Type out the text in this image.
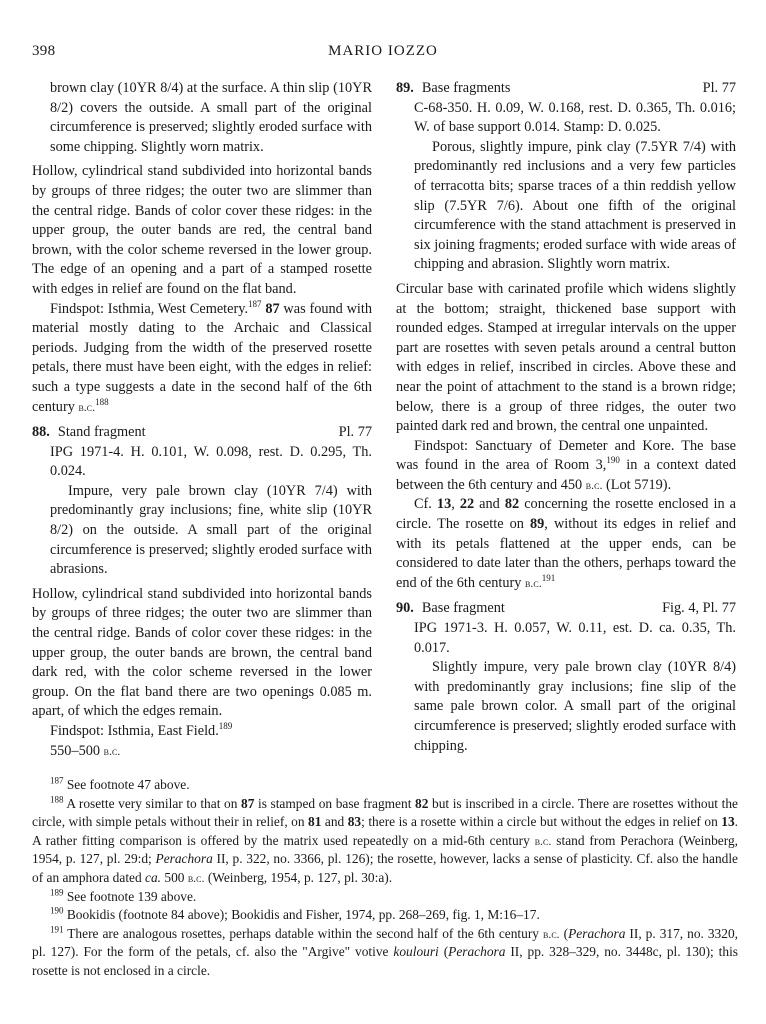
398	MARIO IOZZO

brown clay (10YR 8/4) at the surface. A thin slip (10YR 8/2) covers the outside. A small part of the original circumference is preserved; slightly eroded surface with some chipping. Slightly worn matrix.

Hollow, cylindrical stand subdivided into horizontal bands by groups of three ridges; the outer two are slimmer than the central ridge. Bands of color cover these ridges: in the upper group, the outer bands are red, the central band brown, with the color scheme reversed in the lower group. The edge of an opening and a part of a stamped rosette with edges in relief are found on the flat band.

Findspot: Isthmia, West Cemetery.$^{187}$ 87 was found with material mostly dating to the Archaic and Classical periods. Judging from the width of the preserved rosette petals, there must have been eight, with the edges in relief: such a type suggests a date in the second half of the 6th century b.c.$^{188}$

88. Stand fragment	Pl. 77

IPG 1971-4. H. 0.101, W. 0.098, rest. D. 0.295, Th. 0.024.

Impure, very pale brown clay (10YR 7/4) with predominantly gray inclusions; fine, white slip (10YR 8/2) on the outside. A small part of the original circumference is preserved; slightly eroded surface with abrasions.

Hollow, cylindrical stand subdivided into horizontal bands by groups of three ridges; the outer two are slimmer than the central ridge. Bands of color cover these ridges: in the upper group, the outer bands are brown, the central band dark red, with the color scheme reversed in the lower group. On the flat band there are two openings 0.085 m. apart, of which the edges remain.

Findspot: Isthmia, East Field.$^{189}$

550–500 b.c.

89. Base fragments	Pl. 77

C-68-350. H. 0.09, W. 0.168, rest. D. 0.365, Th. 0.016; W. of base support 0.014. Stamp: D. 0.025.

Porous, slightly impure, pink clay (7.5YR 7/4) with predominantly red inclusions and a very few particles of terracotta bits; sparse traces of a thin reddish yellow slip (7.5YR 7/6). About one fifth of the original circumference with the stand attachment is preserved in six joining fragments; eroded surface with wide areas of chipping and abrasion. Slightly worn matrix.

Circular base with carinated profile which widens slightly at the bottom; straight, thickened base support with rounded edges. Stamped at irregular intervals on the upper part are rosettes with seven petals around a central button with edges in relief, inscribed in circles. Above these and near the point of attachment to the stand is a brown ridge; below, there is a group of three ridges, the outer two painted dark red and brown, the central one unpainted.

Findspot: Sanctuary of Demeter and Kore. The base was found in the area of Room 3,$^{190}$ in a context dated between the 6th century and 450 b.c. (Lot 5719).

Cf. 13, 22 and 82 concerning the rosette enclosed in a circle. The rosette on 89, without its edges in relief and with its petals flattened at the upper ends, can be considered to date later than the others, perhaps toward the end of the 6th century b.c.$^{191}$

90. Base fragment	Fig. 4, Pl. 77

IPG 1971-3. H. 0.057, W. 0.11, est. D. ca. 0.35, Th. 0.017.

Slightly impure, very pale brown clay (10YR 8/4) with predominantly gray inclusions; fine slip of the same pale brown color. A small part of the original circumference is preserved; slightly eroded surface with chipping.

$^{187}$ See footnote 47 above.

$^{188}$ A rosette very similar to that on 87 is stamped on base fragment 82 but is inscribed in a circle. There are rosettes without the circle, with simple petals without their in relief, on 81 and 83; there is a rosette within a circle but without the edges in relief on 13. A rather fitting comparison is offered by the matrix used repeatedly on a mid-6th century b.c. stand from Perachora (Weinberg, 1954, p. 127, pl. 29:d; Perachora II, p. 322, no. 3366, pl. 126); the rosette, however, lacks a sense of plasticity. Cf. also the handle of an amphora dated ca. 500 b.c. (Weinberg, 1954, p. 127, pl. 30:a).

$^{189}$ See footnote 139 above.

$^{190}$ Bookidis (footnote 84 above); Bookidis and Fisher, 1974, pp. 268–269, fig. 1, M:16–17.

$^{191}$ There are analogous rosettes, perhaps datable within the second half of the 6th century b.c. (Perachora II, p. 317, no. 3320, pl. 127). For the form of the petals, cf. also the "Argive" votive koulouri (Perachora II, pp. 328–329, no. 3448c, pl. 130); this rosette is not enclosed in a circle.
